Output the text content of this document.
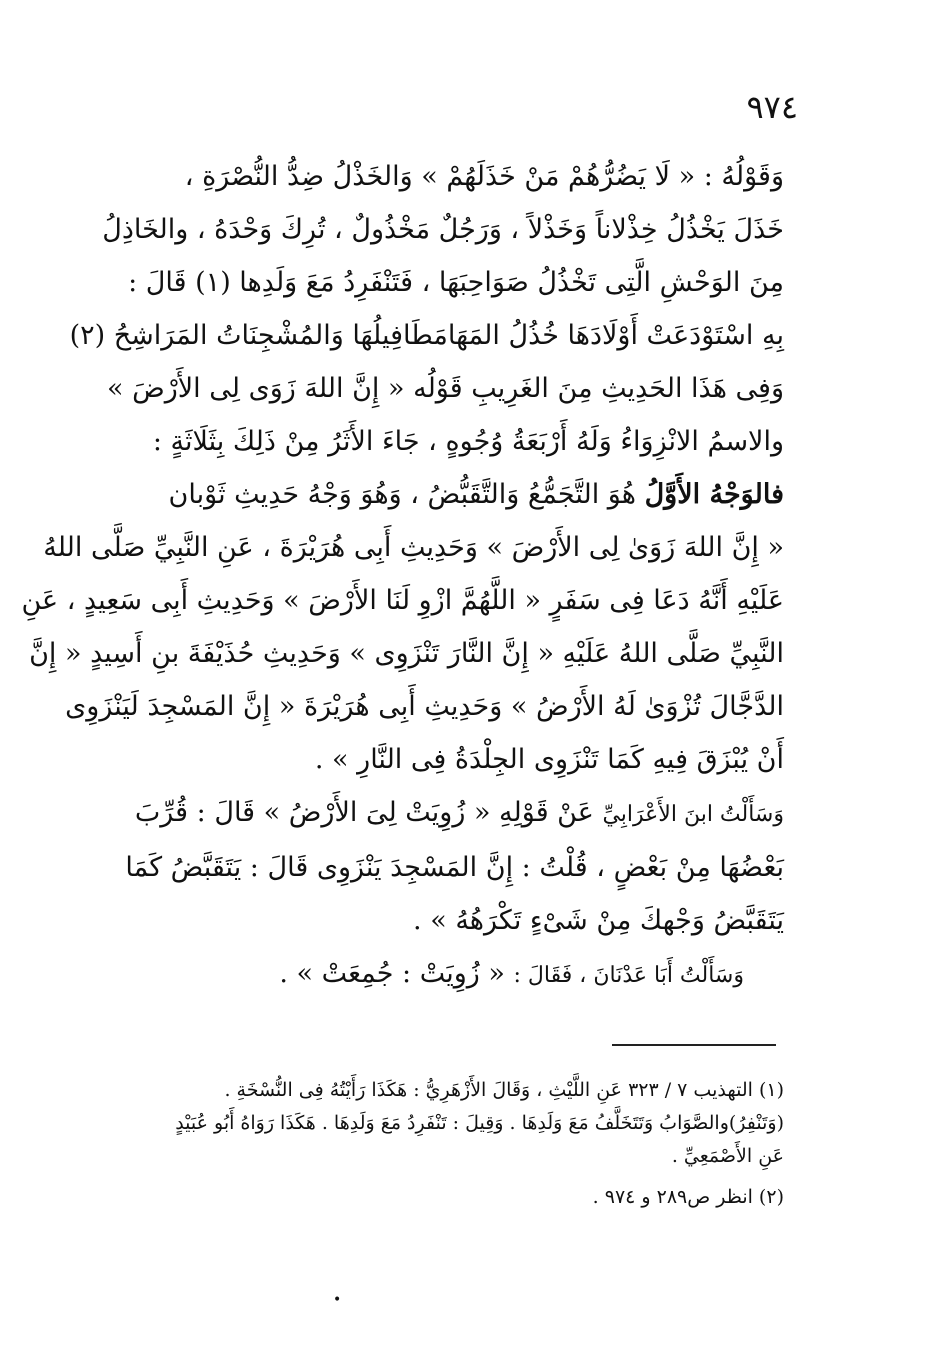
٩٧٤

وَقَوْلُهُ : « لَا يَضُرُّهُمْ مَنْ خَذَلَهُمْ » وَالخَذْلُ ضِدُّ النُّصْرَةِ ،
خَذَلَ يَخْذُلُ خِذْلاناً وَخَذْلاً ، وَرَجُلٌ مَخْذُولٌ ، تُرِكَ وَحْدَهُ ، والخَاذِلُ
مِنَ الوَحْشِ الَّتِى تَخْذُلُ صَوَاحِبَهَا ، فَتَنْفَرِدُ مَعَ وَلَدِها (١) قَالَ :

بِهِ اسْتَوْدَعَتْ أَوْلَادَهَا خُذُلُ المَهَا
مَطَافِيلُهَا وَالمُشْجِنَاتُ المَرَاشِحُ (٢)

وَفِى هَذَا الحَدِيثِ مِنَ الغَرِيبِ قَوْلُه « إِنَّ اللهَ زَوَى لِى الأَرْضَ »
والاسمُ الانْزِوَاءُ وَلَهُ أَرْبَعَةُ وُجُوهٍ ، جَاءَ الأَثَرُ مِنْ ذَلِكَ بِثَلَاثَةٍ :

فالوَجْهُ الأَوَّلُ هُوَ التَّجَمُّعُ وَالتَّقَبُّضُ ، وَهُوَ وَجْهُ حَدِيثِ ثَوْبان
« إِنَّ اللهَ زَوَىٰ لِى الأَرْضَ » وَحَدِيثِ أَبِى هُرَيْرَةَ ، عَنِ النَّبِيِّ صَلَّى اللهُ
عَلَيْهِ أَنَّهُ دَعَا فِى سَفَرٍ « اللَّهُمَّ ازْوِ لَنَا الأَرْضَ » وَحَدِيثِ أَبِى سَعِيدٍ ، عَنِ
النَّبِيِّ صَلَّى اللهُ عَلَيْهِ « إِنَّ النَّارَ تَنْزَوِى » وَحَدِيثِ حُذَيْفَةَ بنِ أَسِيدٍ « إِنَّ
الدَّجَّالَ تُزْوَىٰ لَهُ الأَرْضُ » وَحَدِيثِ أَبِى هُرَيْرَةَ « إِنَّ المَسْجِدَ لَيَنْزَوِى
أَنْ يُبْزَقَ فِيهِ كَمَا تَنْزَوِى الجِلْدَةُ فِى النَّارِ » .

وَسَأَلْتُ ابنَ الأَعْرَابِيِّ عَنْ قَوْلِهِ « زُوِيَتْ لِىَ الأَرْضُ » قَالَ : قُرِّبَ
بَعْضُهَا مِنْ بَعْضٍ ، قُلْتُ : إِنَّ المَسْجِدَ يَنْزَوِى قَالَ : يَتَقَبَّضُ كَمَا
يَتَقَبَّضُ وَجْهكَ مِنْ شَىْءٍ تَكْرَهُهُ » .

وَسَأَلْتُ أَبَا عَدْنَانَ ، فَقَالَ : « زُوِيَتْ : جُمِعَتْ » .

(١) التهذيب ٧ / ٣٢٣ عَنِ اللَّيْثِ ، وَقَالَ الأَزْهَرِيُّ : هَكَذَا رَأَيْتُهُ فِى النُّسْخَةِ .

(وَتَنْفِرُ)والصَّوَابُ وَتَتَخَلَّفُ مَعَ وَلَدِهَا . وَقِيلَ : تَنْفَرِدُ مَعَ وَلَدِهَا . هَكَذَا رَوَاهُ أَبُو عُبَيْدٍ

عَنِ الأَصْمَعِيِّ .

(٢) انظر ص٢٨٩ و ٩٧٤ .

•
